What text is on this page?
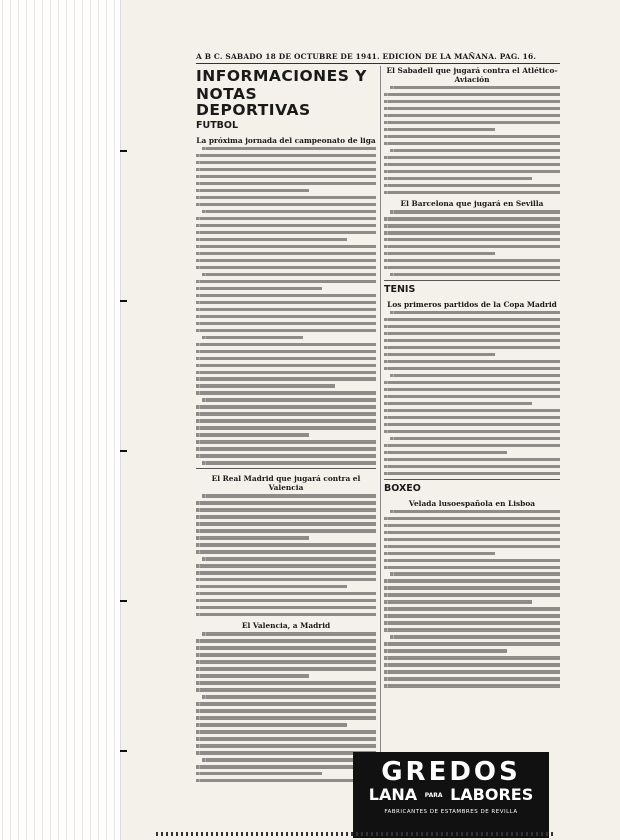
A B C. SABADO 18 DE OCTUBRE DE 1941. EDICION DE LA MAÑANA. PAG. 16.
INFORMACIONES Y
NOTAS DEPORTIVAS
FUTBOL
La próxima jornada del campeonato de liga
El Real Madrid que jugará contra el Valencia
El Valencia, a Madrid
El Sabadell que jugará contra el Atlético-Aviación
El Barcelona que jugará en Sevilla
TENIS
Los primeros partidos de la Copa Madrid
BOXEO
Velada lusoespañola en Lisboa
GREDOS
LANA PARA LABORES
FABRICANTES DE ESTAMBRES DE REVILLA
